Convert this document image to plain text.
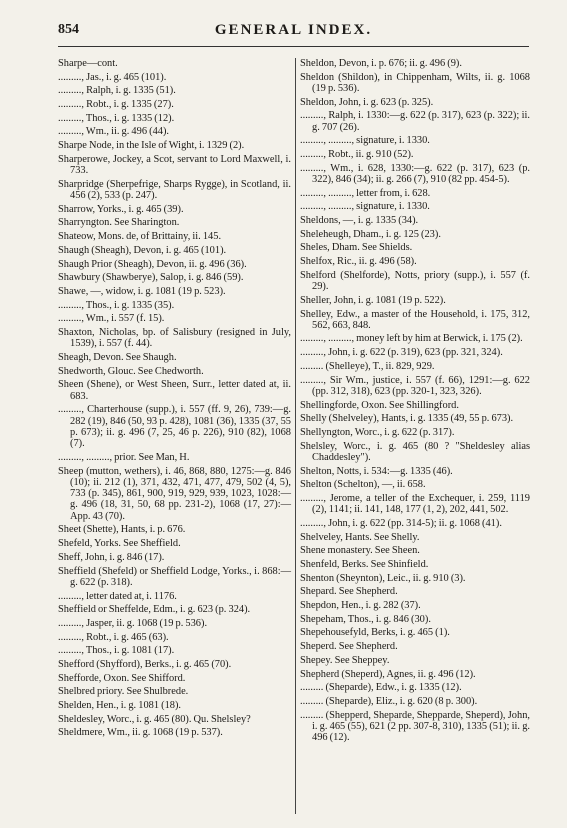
854	GENERAL INDEX.

Sharpe—cont.

........., Jas., i. g. 465 (101).

........., Ralph, i. g. 1335 (51).

........., Robt., i. g. 1335 (27).

........., Thos., i. g. 1335 (12).

........., Wm., ii. g. 496 (44).

Sharpe Node, in the Isle of Wight, i. 1329 (2).

Sharperowe, Jockey, a Scot, servant to Lord Maxwell, i. 733.

Sharpridge (Sherpefrige, Sharps Rygge), in Scotland, ii. 456 (2), 533 (p. 247).

Sharrow, Yorks., i. g. 465 (39).

Sharryngton. See Sharington.

Shateow, Mons. de, of Brittainy, ii. 145.

Shaugh (Sheagh), Devon, i. g. 465 (101).

Shaugh Prior (Sheagh), Devon, ii. g. 496 (36).

Shawbury (Shawberye), Salop, i. g. 846 (59).

Shawe, —, widow, i. g. 1081 (19 p. 523).

........., Thos., i. g. 1335 (35).

........., Wm., i. 557 (f. 15).

Shaxton, Nicholas, bp. of Salisbury (resigned in July, 1539), i. 557 (f. 44).

Sheagh, Devon. See Shaugh.

Shedworth, Glouc. See Chedworth.

Sheen (Shene), or West Sheen, Surr., letter dated at, ii. 683.

........., Charterhouse (supp.), i. 557 (ff. 9, 26), 739:—g. 282 (19), 846 (50, 93 p. 428), 1081 (36), 1335 (37, 55 p. 673); ii. g. 496 (7, 25, 46 p. 226), 910 (82), 1068 (7).

........., ........., prior. See Man, H.

Sheep (mutton, wethers), i. 46, 868, 880, 1275:—g. 846 (10); ii. 212 (1), 371, 432, 471, 477, 479, 502 (4, 5), 733 (p. 345), 861, 900, 919, 929, 939, 1023, 1028:—g. 496 (18, 31, 50, 68 pp. 231-2), 1068 (17, 27):—App. 43 (70).

Sheet (Shette), Hants, i. p. 676.

Shefeld, Yorks. See Sheffield.

Sheff, John, i. g. 846 (17).

Sheffield (Shefeld) or Sheffield Lodge, Yorks., i. 868:—g. 622 (p. 318).

........., letter dated at, i. 1176.

Sheffield or Sheffelde, Edm., i. g. 623 (p. 324).

........., Jasper, ii. g. 1068 (19 p. 536).

........., Robt., i. g. 465 (63).

........., Thos., i. g. 1081 (17).

Shefford (Shyfford), Berks., i. g. 465 (70).

Shefforde, Oxon. See Shifford.

Shelbred priory. See Shulbrede.

Shelden, Hen., i. g. 1081 (18).

Sheldesley, Worc., i. g. 465 (80). Qu. Shelsley?

Sheldmere, Wm., ii. g. 1068 (19 p. 537).

Sheldon, Devon, i. p. 676; ii. g. 496 (9).

Sheldon (Shildon), in Chippenham, Wilts, ii. g. 1068 (19 p. 536).

Sheldon, John, i. g. 623 (p. 325).

........., Ralph, i. 1330:—g. 622 (p. 317), 623 (p. 322); ii. g. 707 (26).

........., ........., signature, i. 1330.

........., Robt., ii. g. 910 (52).

........., Wm., i. 628, 1330:—g. 622 (p. 317), 623 (p. 322), 846 (34); ii. g. 266 (7), 910 (82 pp. 454-5).

........., ........., letter from, i. 628.

........., ........., signature, i. 1330.

Sheldons, —, i. g. 1335 (34).

Sheleheugh, Dham., i. g. 125 (23).

Sheles, Dham. See Shields.

Shelfox, Ric., ii. g. 496 (58).

Shelford (Shelforde), Notts, priory (supp.), i. 557 (f. 29).

Sheller, John, i. g. 1081 (19 p. 522).

Shelley, Edw., a master of the Household, i. 175, 312, 562, 663, 848.

........., ........., money left by him at Berwick, i. 175 (2).

........., John, i. g. 622 (p. 319), 623 (pp. 321, 324).

......... (Shelleye), T., ii. 829, 929.

........., Sir Wm., justice, i. 557 (f. 66), 1291:—g. 622 (pp. 312, 318), 623 (pp. 320-1, 323, 326).

Shellingforde, Oxon. See Shillingford.

Shelly (Shelveley), Hants, i. g. 1335 (49, 55 p. 673).

Shellyngton, Worc., i. g. 622 (p. 317).

Shelsley, Worc., i. g. 465 (80 ? "Sheldesley alias Chaddesley").

Shelton, Notts, i. 534:—g. 1335 (46).

Shelton (Schelton), —, ii. 658.

........., Jerome, a teller of the Exchequer, i. 259, 1119 (2), 1141; ii. 141, 148, 177 (1, 2), 202, 441, 502.

........., John, i. g. 622 (pp. 314-5); ii. g. 1068 (41).

Shelveley, Hants. See Shelly.

Shene monastery. See Sheen.

Shenfeld, Berks. See Shinfield.

Shenton (Sheynton), Leic., ii. g. 910 (3).

Shepard. See Shepherd.

Shepdon, Hen., i. g. 282 (37).

Shepeham, Thos., i. g. 846 (30).

Shepehousefyld, Berks, i. g. 465 (1).

Sheperd. See Shepherd.

Shepey. See Sheppey.

Shepherd (Sheperd), Agnes, ii. g. 496 (12).

......... (Sheparde), Edw., i. g. 1335 (12).

......... (Sheparde), Eliz., i. g. 620 (8 p. 300).

......... (Shepperd, Sheparde, Shepparde, Sheperd), John, i. g. 465 (55), 621 (2 pp. 307-8, 310), 1335 (51); ii. g. 496 (12).
